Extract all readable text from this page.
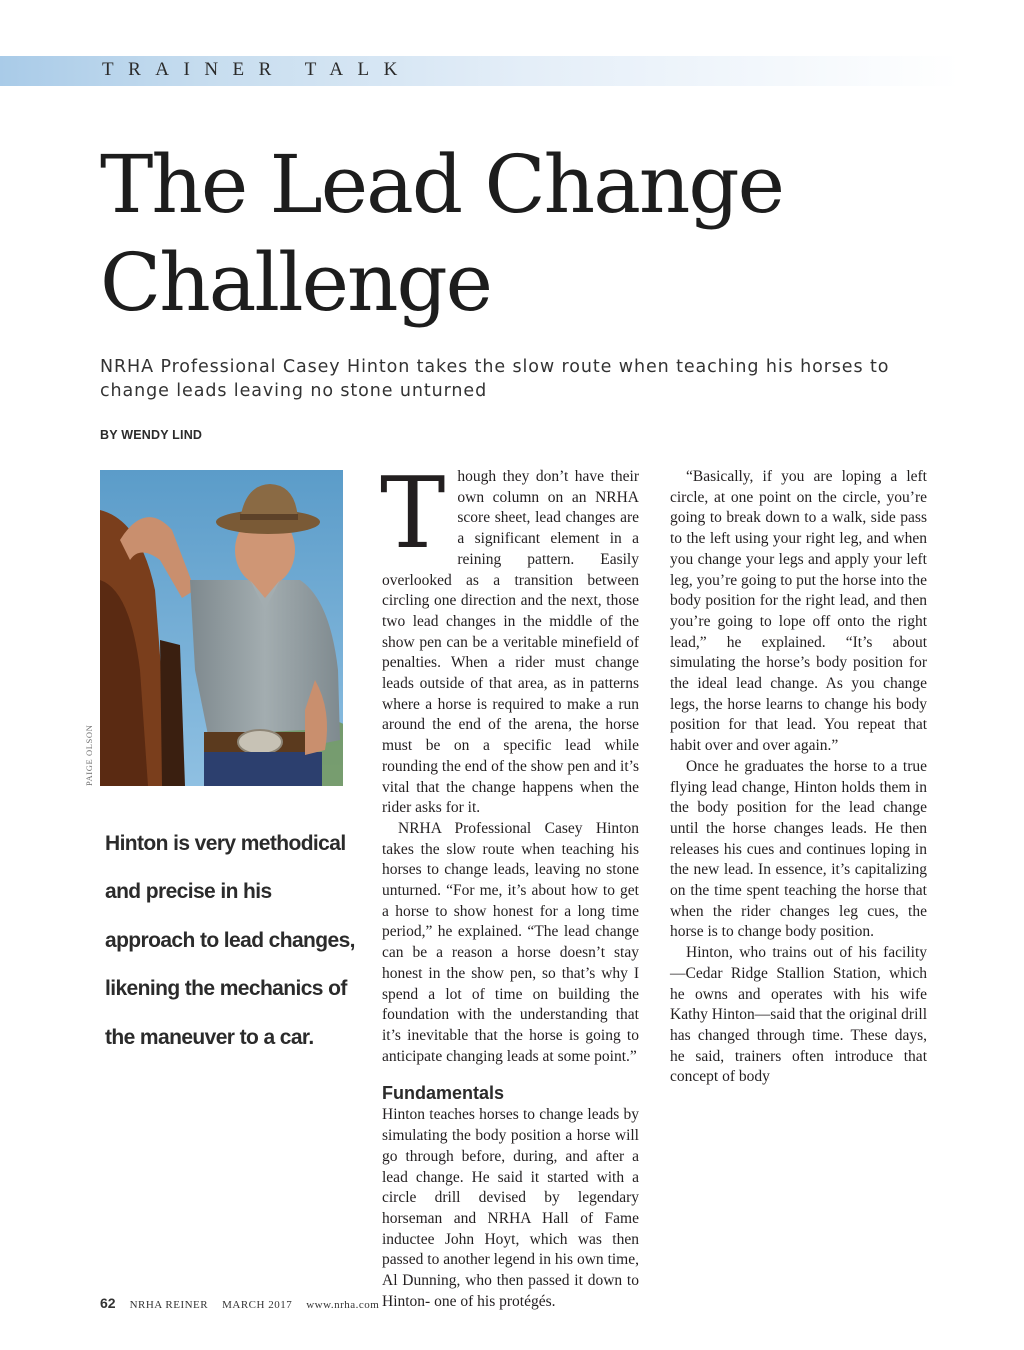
TRAINER TALK
The Lead Change Challenge

NRHA Professional Casey Hinton takes the slow route when teaching his horses to change leads leaving no stone unturned

BY WENDY LIND
PAIGE OLSON

Hinton is very methodical and precise in his approach to lead changes, likening the mechanics of the maneuver to a car.

T hough they don’t have their own column on an NRHA score sheet, lead changes are a significant element in a reining pattern. Easily overlooked as a transition between circling one direction and the next, those two lead changes in the middle of the show pen can be a veritable minefield of penalties. When a rider must change leads outside of that area, as in patterns where a horse is required to make a run around the end of the arena, the horse must be on a specific lead while rounding the end of the show pen and it’s vital that the change happens when the rider asks for it.

NRHA Professional Casey Hinton takes the slow route when teaching his horses to change leads, leaving no stone unturned. “For me, it’s about how to get a horse to show honest for a long time period,” he explained. “The lead change can be a reason a horse doesn’t stay honest in the show pen, so that’s why I spend a lot of time on building the foundation with the understanding that it’s inevitable that the horse is going to anticipate changing leads at some point.”

Fundamentals

Hinton teaches horses to change leads by simulating the body position a horse will go through before, during, and after a lead change. He said it started with a circle drill devised by legendary horseman and NRHA Hall of Fame inductee John Hoyt, which was then passed to another legend in his own time, Al Dunning, who then passed it down to Hinton- one of his protégés.

“Basically, if you are loping a left circle, at one point on the circle, you’re going to break down to a walk, side pass to the left using your right leg, and when you change your legs and apply your left leg, you’re going to put the horse into the body position for the right lead, and then you’re going to lope off onto the right lead,” he explained. “It’s about simulating the horse’s body position for the ideal lead change. As you change legs, the horse learns to change his body position for that lead. You repeat that habit over and over again.”

Once he graduates the horse to a true flying lead change, Hinton holds them in the body position for the lead change until the horse changes leads. He then releases his cues and continues loping in the new lead. In essence, it’s capitalizing on the time spent teaching the horse that when the rider changes leg cues, the horse is to change body position.

Hinton, who trains out of his facility—Cedar Ridge Stallion Station, which he owns and operates with his wife Kathy Hinton—said that the original drill has changed through time. These days, he said, trainers often introduce that concept of body

62 NRHA REINER MARCH 2017 www.nrha.com
